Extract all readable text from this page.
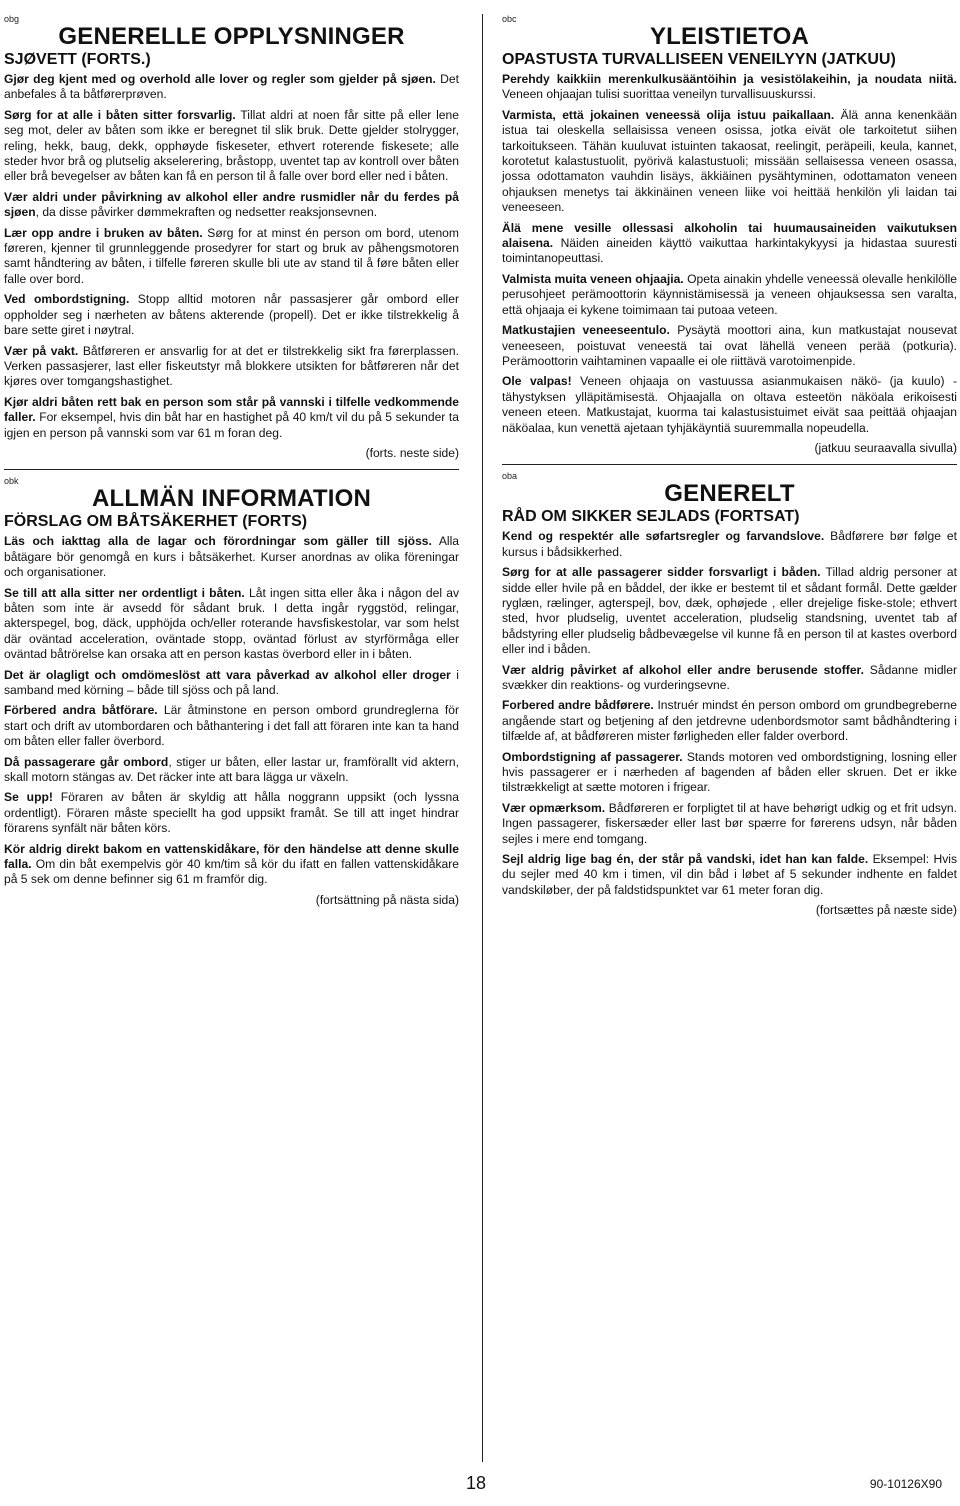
obg
GENERELLE OPPLYSNINGER
SJØVETT (FORTS.)

Gjør deg kjent med og overhold alle lover og regler som gjelder på sjøen. Det anbefales å ta båtførerprøven.

Sørg for at alle i båten sitter forsvarlig. Tillat aldri at noen får sitte på eller lene seg mot, deler av båten som ikke er beregnet til slik bruk. Dette gjelder stolrygger, reling, hekk, baug, dekk, opphøyde fiskeseter, ethvert roterende fiskesete; alle steder hvor brå og plutselig akselerering, bråstopp, uventet tap av kontroll over båten eller brå bevegelser av båten kan få en person til å falle over bord eller ned i båten.

Vær aldri under påvirkning av alkohol eller andre rusmidler når du ferdes på sjøen, da disse påvirker dømmekraften og nedsetter reaksjonsevnen.

Lær opp andre i bruken av båten. Sørg for at minst én person om bord, utenom føreren, kjenner til grunnleggende prosedyrer for start og bruk av påhengsmotoren samt håndtering av båten, i tilfelle føreren skulle bli ute av stand til å føre båten eller falle over bord.

Ved ombordstigning. Stopp alltid motoren når passasjerer går ombord eller oppholder seg i nærheten av båtens akterende (propell). Det er ikke tilstrekkelig å bare sette giret i nøytral.

Vær på vakt. Båtføreren er ansvarlig for at det er tilstrekkelig sikt fra førerplassen. Verken passasjerer, last eller fiskeutstyr må blokkere utsikten for båtføreren når det kjøres over tomgangshastighet.

Kjør aldri båten rett bak en person som står på vannski i tilfelle vedkommende faller. For eksempel, hvis din båt har en hastighet på 40 km/t vil du på 5 sekunder ta igjen en person på vannski som var 61 m foran deg.

(forts. neste side)

obk
ALLMÄN INFORMATION
FÖRSLAG OM BÅTSÄKERHET (FORTS)

Läs och iakttag alla de lagar och förordningar som gäller till sjöss. Alla båtägare bör genomgå en kurs i båtsäkerhet. Kurser anordnas av olika föreningar och organisationer.

Se till att alla sitter ner ordentligt i båten. Låt ingen sitta eller åka i någon del av båten som inte är avsedd för sådant bruk. I detta ingår ryggstöd, relingar, akterspegel, bog, däck, upphöjda och/eller roterande havsfiskestolar, var som helst där oväntad acceleration, oväntade stopp, oväntad förlust av styrförmåga eller oväntad båtrörelse kan orsaka att en person kastas överbord eller in i båten.

Det är olagligt och omdömeslöst att vara påverkad av alkohol eller droger i samband med körning – både till sjöss och på land.

Förbered andra båtförare. Lär åtminstone en person ombord grundreglerna för start och drift av utombordaren och båthantering i det fall att föraren inte kan ta hand om båten eller faller överbord.

Då passagerare går ombord, stiger ur båten, eller lastar ur, framförallt vid aktern, skall motorn stängas av. Det räcker inte att bara lägga ur växeln.

Se upp! Föraren av båten är skyldig att hålla noggrann uppsikt (och lyssna ordentligt). Föraren måste speciellt ha god uppsikt framåt. Se till att inget hindrar förarens synfält när båten körs.

Kör aldrig direkt bakom en vattenskidåkare, för den händelse att denne skulle falla. Om din båt exempelvis gör 40 km/tim så kör du ifatt en fallen vattenskidåkare på 5 sek om denne befinner sig 61 m framför dig.

(fortsättning på nästa sida)

obc
YLEISTIETOA
OPASTUSTA TURVALLISEEN VENEILYYN (JATKUU)

Perehdy kaikkiin merenkulkusääntöihin ja vesistölakeihin, ja noudata niitä. Veneen ohjaajan tulisi suorittaa veneilyn turvallisuuskurssi.

Varmista, että jokainen veneessä olija istuu paikallaan. Älä anna kenenkään istua tai oleskella sellaisissa veneen osissa, jotka eivät ole tarkoitetut siihen tarkoitukseen. Tähän kuuluvat istuinten takaosat, reelingit, peräpeili, keula, kannet, korotetut kalastustuolit, pyörivä kalastustuoli; missään sellaisessa veneen osassa, jossa odottamaton vauhdin lisäys, äkkiäinen pysähtyminen, odottamaton veneen ohjauksen menetys tai äkkinäinen veneen liike voi heittää henkilön yli laidan tai veneeseen.

Älä mene vesille ollessasi alkoholin tai huumausaineiden vaikutuksen alaisena. Näiden aineiden käyttö vaikuttaa harkintakykyysi ja hidastaa suuresti toimintanopeuttasi.

Valmista muita veneen ohjaajia. Opeta ainakin yhdelle veneessä olevalle henkilölle perusohjeet perämoottorin käynnistämisessä ja veneen ohjauksessa sen varalta, että ohjaaja ei kykene toimimaan tai putoaa veteen.

Matkustajien veneeseentulo. Pysäytä moottori aina, kun matkustajat nousevat veneeseen, poistuvat veneestä tai ovat lähellä veneen perää (potkuria). Perämoottorin vaihtaminen vapaalle ei ole riittävä varotoimenpide.

Ole valpas! Veneen ohjaaja on vastuussa asianmukaisen näkö- (ja kuulo) -tähystyksen ylläpitämisestä. Ohjaajalla on oltava esteetön näköala erikoisesti veneen eteen. Matkustajat, kuorma tai kalastusistuimet eivät saa peittää ohjaajan näköalaa, kun venettä ajetaan tyhjäkäyntiä suuremmalla nopeudella.

(jatkuu seuraavalla sivulla)

oba
GENERELT
RÅD OM SIKKER SEJLADS (FORTSAT)

Kend og respektér alle søfartsregler og farvandslove. Bådførere bør følge et kursus i bådsikkerhed.

Sørg for at alle passagerer sidder forsvarligt i båden. Tillad aldrig personer at sidde eller hvile på en båddel, der ikke er bestemt til et sådant formål. Dette gælder ryglæn, rælinger, agterspejl, bov, dæk, ophøjede , eller drejelige fiske-stole; ethvert sted, hvor pludselig, uventet acceleration, pludselig standsning, uventet tab af bådstyring eller pludselig bådbevægelse vil kunne få en person til at kastes overbord eller ind i båden.

Vær aldrig påvirket af alkohol eller andre berusende stoffer. Sådanne midler svækker din reaktions- og vurderingsevne.

Forbered andre bådførere. Instruér mindst én person ombord om grundbegreberne angående start og betjening af den jetdrevne udenbordsmotor samt bådhåndtering i tilfælde af, at bådføreren mister førligheden eller falder overbord.

Ombordstigning af passagerer. Stands motoren ved ombordstigning, losning eller hvis passagerer er i nærheden af bagenden af båden eller skruen. Det er ikke tilstrækkeligt at sætte motoren i frigear.

Vær opmærksom. Bådføreren er forpligtet til at have behørigt udkig og et frit udsyn. Ingen passagerer, fiskersæder eller last bør spærre for førerens udsyn, når båden sejles i mere end tomgang.

Sejl aldrig lige bag én, der står på vandski, idet han kan falde. Eksempel: Hvis du sejler med 40 km i timen, vil din båd i løbet af 5 sekunder indhente en faldet vandskiløber, der på faldstidspunktet var 61 meter foran dig.

(fortsættes på næste side)

18	90-10126X90
